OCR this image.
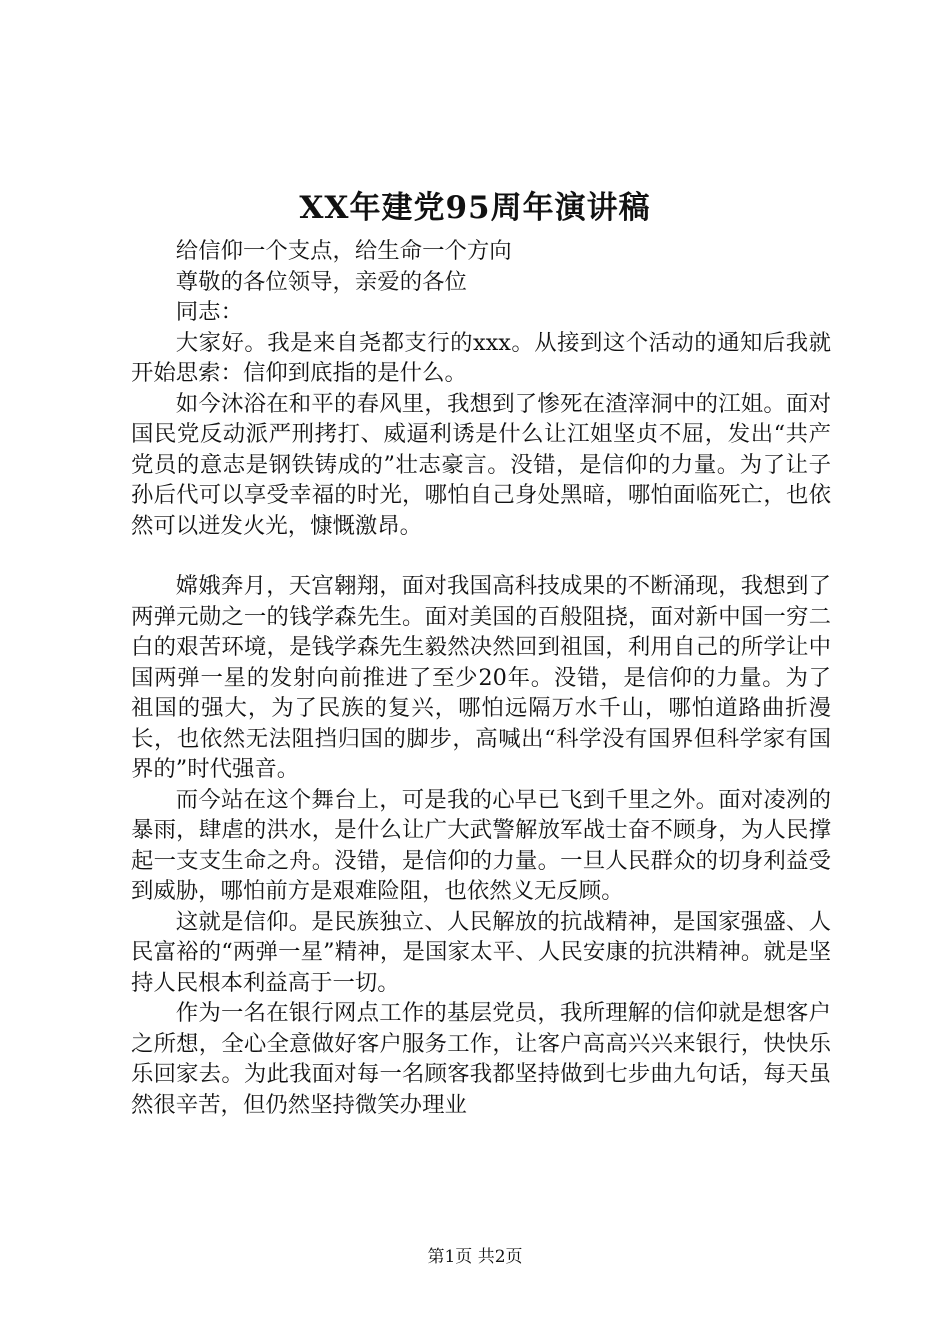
XX年建党95周年演讲稿

给信仰一个支点，给生命一个方向

尊敬的各位领导，亲爱的各位

同志：

大家好。我是来自尧都支行的xxx。从接到这个活动的通知后我就开始思索：信仰到底指的是什么。

如今沐浴在和平的春风里，我想到了惨死在渣滓洞中的江姐。面对国民党反动派严刑拷打、威逼利诱是什么让江姐坚贞不屈，发出“共产党员的意志是钢铁铸成的”壮志豪言。没错，是信仰的力量。为了让子孙后代可以享受幸福的时光，哪怕自己身处黑暗，哪怕面临死亡，也依然可以迸发火光，慷慨激昂。

嫦娥奔月，天宫翱翔，面对我国高科技成果的不断涌现，我想到了两弹元勋之一的钱学森先生。面对美国的百般阻挠，面对新中国一穷二白的艰苦环境，是钱学森先生毅然决然回到祖国，利用自己的所学让中国两弹一星的发射向前推进了至少20年。没错，是信仰的力量。为了祖国的强大，为了民族的复兴，哪怕远隔万水千山，哪怕道路曲折漫长，也依然无法阻挡归国的脚步，高喊出“科学没有国界但科学家有国界的”时代强音。

而今站在这个舞台上，可是我的心早已飞到千里之外。面对凌冽的暴雨，肆虐的洪水，是什么让广大武警解放军战士奋不顾身，为人民撑起一支支生命之舟。没错，是信仰的力量。一旦人民群众的切身利益受到威胁，哪怕前方是艰难险阻，也依然义无反顾。

这就是信仰。是民族独立、人民解放的抗战精神，是国家强盛、人民富裕的“两弹一星”精神，是国家太平、人民安康的抗洪精神。就是坚持人民根本利益高于一切。

作为一名在银行网点工作的基层党员，我所理解的信仰就是想客户之所想，全心全意做好客户服务工作，让客户高高兴兴来银行，快快乐乐回家去。为此我面对每一名顾客我都坚持做到七步曲九句话，每天虽然很辛苦，但仍然坚持微笑办理业

第1页 共2页
